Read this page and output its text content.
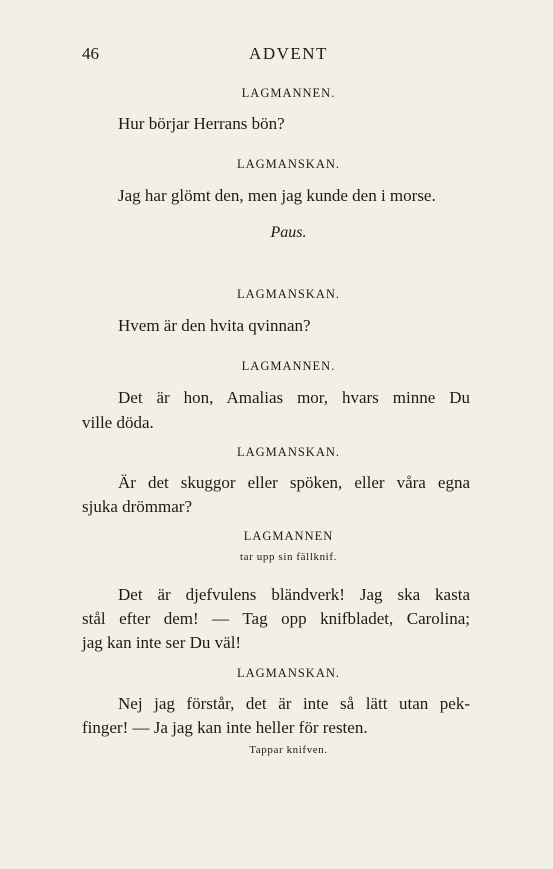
46	ADVENT
LAGMANNEN.
Hur börjar Herrans bön?
LAGMANSKAN.
Jag har glömt den, men jag kunde den i morse.
Paus.
LAGMANSKAN.
Hvem är den hvita qvinnan?
LAGMANNEN.
Det är hon, Amalias mor, hvars minne Du
ville döda.
LAGMANSKAN.
Är det skuggor eller spöken, eller våra egna
sjuka drömmar?
LAGMANNEN
tar upp sin fällknif.
Det är djefvulens bländverk! Jag ska kasta
stål efter dem! — Tag opp knifbladet, Carolina;
jag kan inte ser Du väl!
LAGMANSKAN.
Nej jag förstår, det är inte så lätt utan pek-
finger! — Ja jag kan inte heller för resten.
Tappar knifven.
